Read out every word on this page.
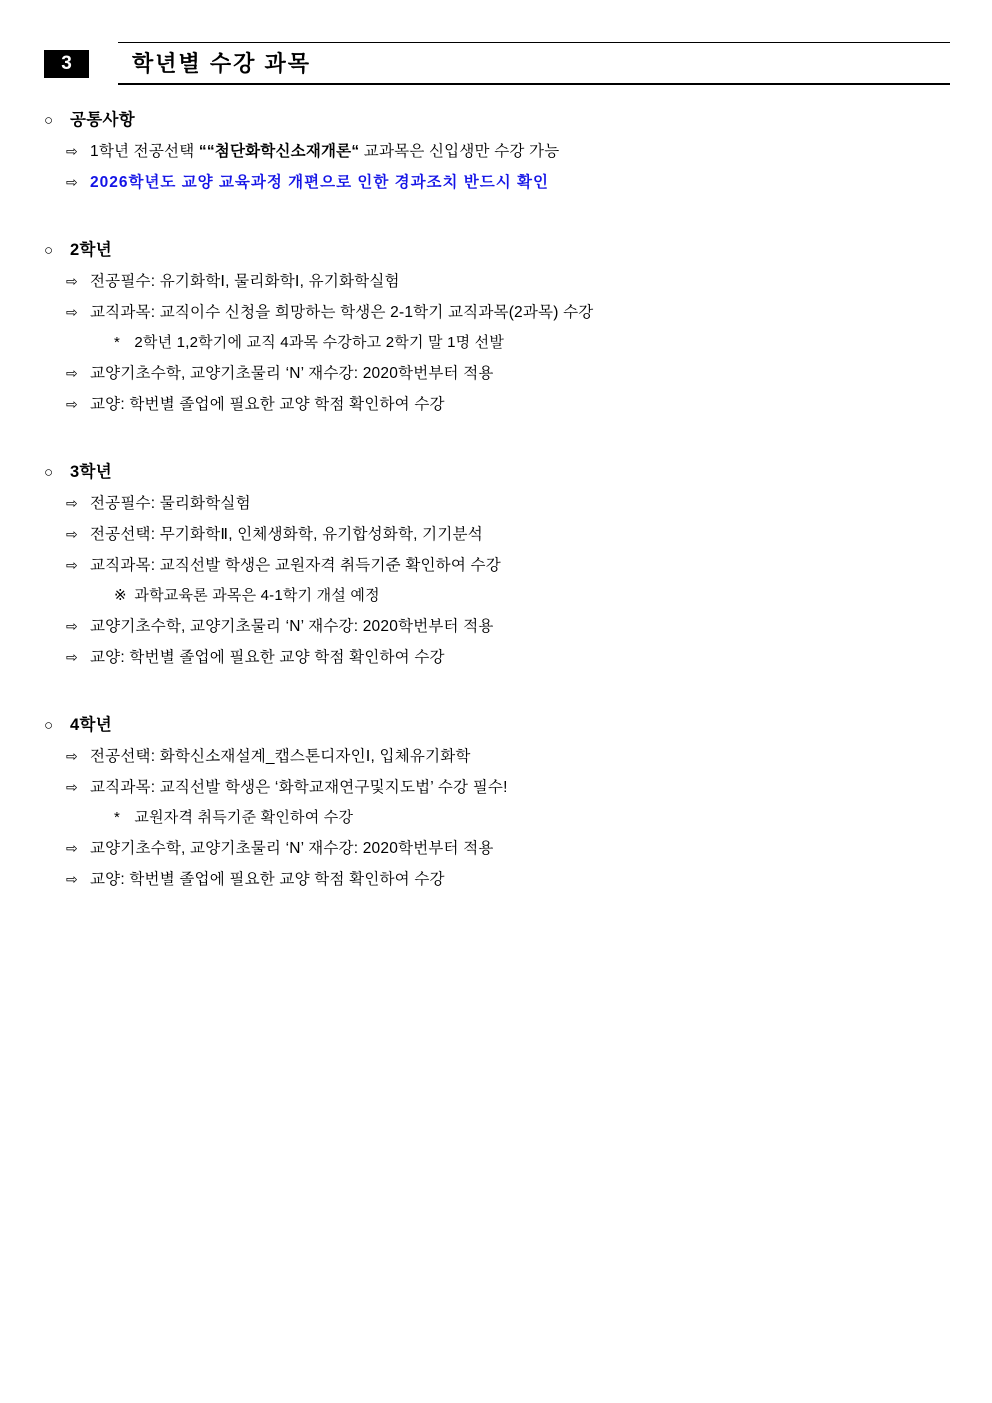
3	학년별 수강 과목
○	공통사항
⇨ 1학년 전공선택 ““첨단화학신소재개론“ 교과목은 신입생만 수강 가능
⇨ 2026학년도 교양 교육과정 개편으로 인한 경과조치 반드시 확인
○	2학년
⇨ 전공필수: 유기화학Ⅰ, 물리화학Ⅰ, 유기화학실험
⇨ 교직과목: 교직이수 신청을 희망하는 학생은 2-1학기 교직과목(2과목) 수강
* 2학년 1,2학기에 교직 4과목 수강하고 2학기 말 1명 선발
⇨ 교양기초수학, 교양기초물리 ‘N’ 재수강: 2020학번부터 적용
⇨ 교양: 학번별 졸업에 필요한 교양 학점 확인하여 수강
○	3학년
⇨ 전공필수: 물리화학실험
⇨ 전공선택: 무기화학Ⅱ, 인체생화학, 유기합성화학, 기기분석
⇨ 교직과목: 교직선발 학생은 교원자격 취득기준 확인하여 수강
※ 과학교육론 과목은 4-1학기 개설 예정
⇨ 교양기초수학, 교양기초물리 ‘N’ 재수강: 2020학번부터 적용
⇨ 교양: 학번별 졸업에 필요한 교양 학점 확인하여 수강
○	4학년
⇨ 전공선택: 화학신소재설계_캡스톤디자인Ⅰ, 입체유기화학
⇨ 교직과목: 교직선발 학생은 ‘화학교재연구및지도법’ 수강 필수!
* 교원자격 취득기준 확인하여 수강
⇨ 교양기초수학, 교양기초물리 ‘N’ 재수강: 2020학번부터 적용
⇨ 교양: 학번별 졸업에 필요한 교양 학점 확인하여 수강
